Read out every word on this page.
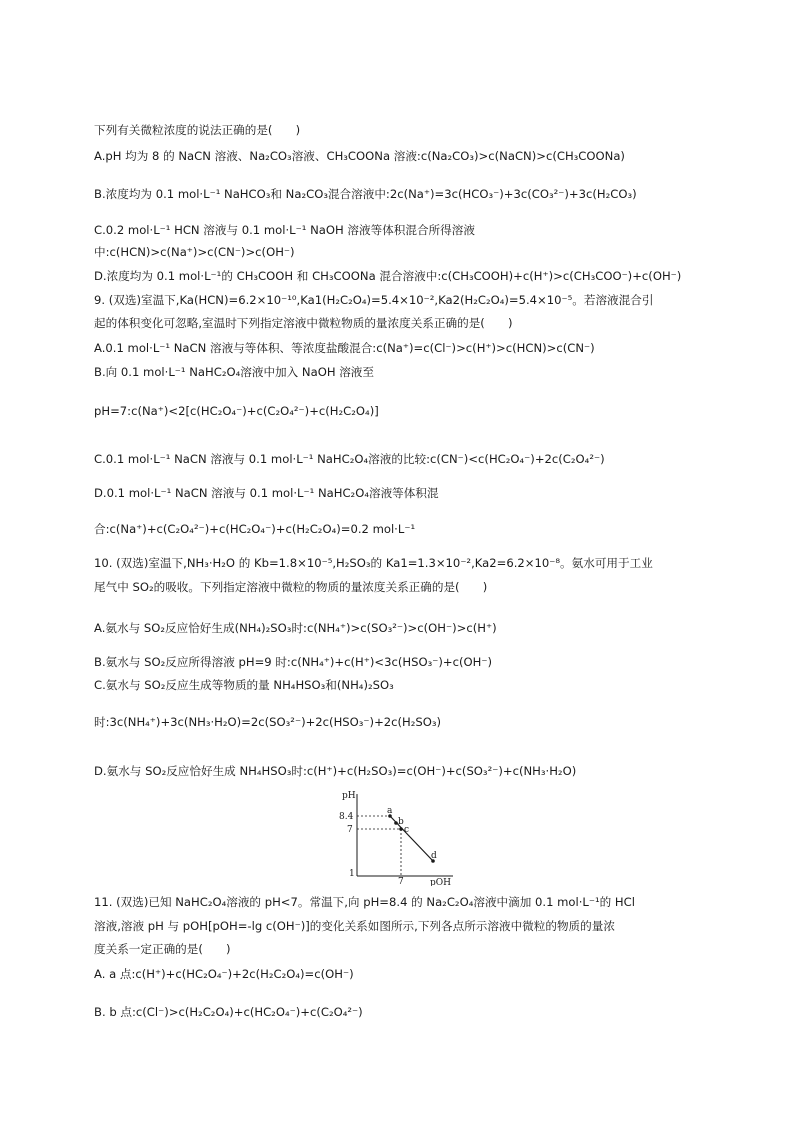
下列有关微粒浓度的说法正确的是(　　)
A.pH 均为 8 的 NaCN 溶液、Na₂CO₃溶液、CH₃COONa 溶液:c(Na₂CO₃)>c(NaCN)>c(CH₃COONa)
B.浓度均为 0.1 mol·L⁻¹ NaHCO₃和 Na₂CO₃混合溶液中:2c(Na⁺)=3c(HCO₃⁻)+3c(CO₃²⁻)+3c(H₂CO₃)
C.0.2 mol·L⁻¹ HCN 溶液与 0.1 mol·L⁻¹ NaOH 溶液等体积混合所得溶液
中:c(HCN)>c(Na⁺)>c(CN⁻)>c(OH⁻)
D.浓度均为 0.1 mol·L⁻¹的 CH₃COOH 和 CH₃COONa 混合溶液中:c(CH₃COOH)+c(H⁺)>c(CH₃COO⁻)+c(OH⁻)
9. (双选)室温下,Ka(HCN)=6.2×10⁻¹⁰,Ka1(H₂C₂O₄)=5.4×10⁻²,Ka2(H₂C₂O₄)=5.4×10⁻⁵。若溶液混合引
起的体积变化可忽略,室温时下列指定溶液中微粒物质的量浓度关系正确的是(　　)
A.0.1 mol·L⁻¹ NaCN 溶液与等体积、等浓度盐酸混合:c(Na⁺)=c(Cl⁻)>c(H⁺)>c(HCN)>c(CN⁻)
B.向 0.1 mol·L⁻¹ NaHC₂O₄溶液中加入 NaOH 溶液至
pH=7:c(Na⁺)<2[c(HC₂O₄⁻)+c(C₂O₄²⁻)+c(H₂C₂O₄)]
C.0.1 mol·L⁻¹ NaCN 溶液与 0.1 mol·L⁻¹ NaHC₂O₄溶液的比较:c(CN⁻)<c(HC₂O₄⁻)+2c(C₂O₄²⁻)
D.0.1 mol·L⁻¹ NaCN 溶液与 0.1 mol·L⁻¹ NaHC₂O₄溶液等体积混
合:c(Na⁺)+c(C₂O₄²⁻)+c(HC₂O₄⁻)+c(H₂C₂O₄)=0.2 mol·L⁻¹
10. (双选)室温下,NH₃·H₂O 的 Kb=1.8×10⁻⁵,H₂SO₃的 Ka1=1.3×10⁻²,Ka2=6.2×10⁻⁸。氨水可用于工业
尾气中 SO₂的吸收。下列指定溶液中微粒的物质的量浓度关系正确的是(　　)
A.氨水与 SO₂反应恰好生成(NH₄)₂SO₃时:c(NH₄⁺)>c(SO₃²⁻)>c(OH⁻)>c(H⁺)
B.氨水与 SO₂反应所得溶液 pH=9 时:c(NH₄⁺)+c(H⁺)<3c(HSO₃⁻)+c(OH⁻)
C.氨水与 SO₂反应生成等物质的量 NH₄HSO₃和(NH₄)₂SO₃
时:3c(NH₄⁺)+3c(NH₃·H₂O)=2c(SO₃²⁻)+2c(HSO₃⁻)+2c(H₂SO₃)
D.氨水与 SO₂反应恰好生成 NH₄HSO₃时:c(H⁺)+c(H₂SO₃)=c(OH⁻)+c(SO₃²⁻)+c(NH₃·H₂O)
pH
8.4
7
1
7	pOH
a
b
c
d
11. (双选)已知 NaHC₂O₄溶液的 pH<7。常温下,向 pH=8.4 的 Na₂C₂O₄溶液中滴加 0.1 mol·L⁻¹的 HCl
溶液,溶液 pH 与 pOH[pOH=-lg c(OH⁻)]的变化关系如图所示,下列各点所示溶液中微粒的物质的量浓
度关系一定正确的是(　　)
A. a 点:c(H⁺)+c(HC₂O₄⁻)+2c(H₂C₂O₄)=c(OH⁻)
B. b 点:c(Cl⁻)>c(H₂C₂O₄)+c(HC₂O₄⁻)+c(C₂O₄²⁻)
